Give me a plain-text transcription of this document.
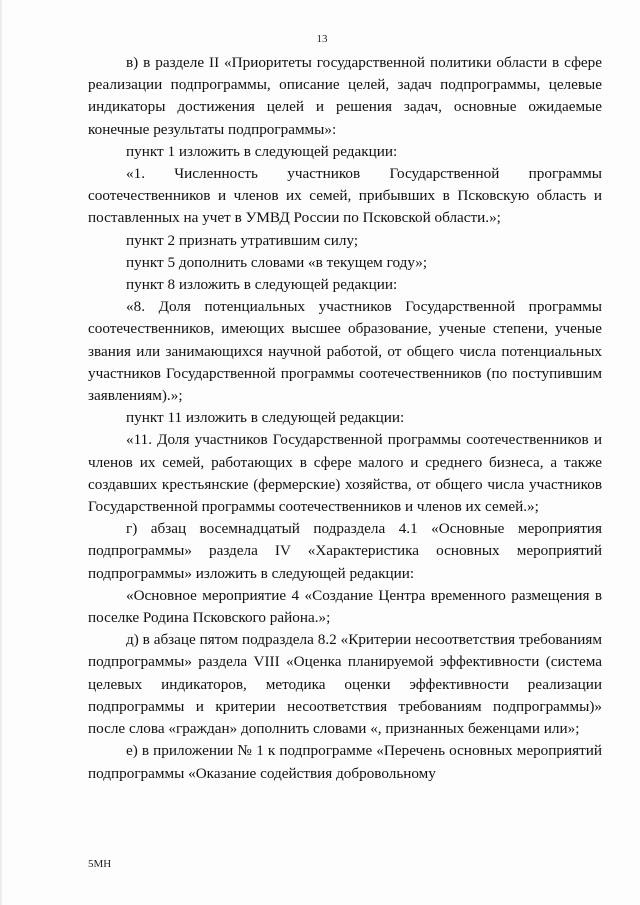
13

в) в разделе II «Приоритеты государственной политики области в сфере реализации подпрограммы, описание целей, задач подпрограммы, целевые индикаторы достижения целей и решения задач, основные ожидаемые конечные результаты подпрограммы»:

пункт 1 изложить в следующей редакции:

«1. Численность участников Государственной программы соотечественников и членов их семей, прибывших в Псковскую область и поставленных на учет в УМВД России по Псковской области.»;

пункт 2 признать утратившим силу;

пункт 5 дополнить словами «в текущем году»;

пункт 8 изложить в следующей редакции:

«8. Доля потенциальных участников Государственной программы соотечественников, имеющих высшее образование, ученые степени, ученые звания или занимающихся научной работой, от общего числа потенциальных участников Государственной программы соотечественников (по поступившим заявлениям).»;

пункт 11 изложить в следующей редакции:

«11. Доля участников Государственной программы соотечественников и членов их семей, работающих в сфере малого и среднего бизнеса, а также создавших крестьянские (фермерские) хозяйства, от общего числа участников Государственной программы соотечественников и членов их семей.»;

г) абзац восемнадцатый подраздела 4.1 «Основные мероприятия подпрограммы» раздела IV «Характеристика основных мероприятий подпрограммы» изложить в следующей редакции:

«Основное мероприятие 4 «Создание Центра временного размещения в поселке Родина Псковского района.»;

д) в абзаце пятом подраздела 8.2 «Критерии несоответствия требованиям подпрограммы» раздела VIII «Оценка планируемой эффективности (система целевых индикаторов, методика оценки эффективности реализации подпрограммы и критерии несоответствия требованиям подпрограммы)» после слова «граждан» дополнить словами «, признанных беженцами или»;

е) в приложении № 1 к подпрограмме «Перечень основных мероприятий подпрограммы «Оказание содействия добровольному

5МН
